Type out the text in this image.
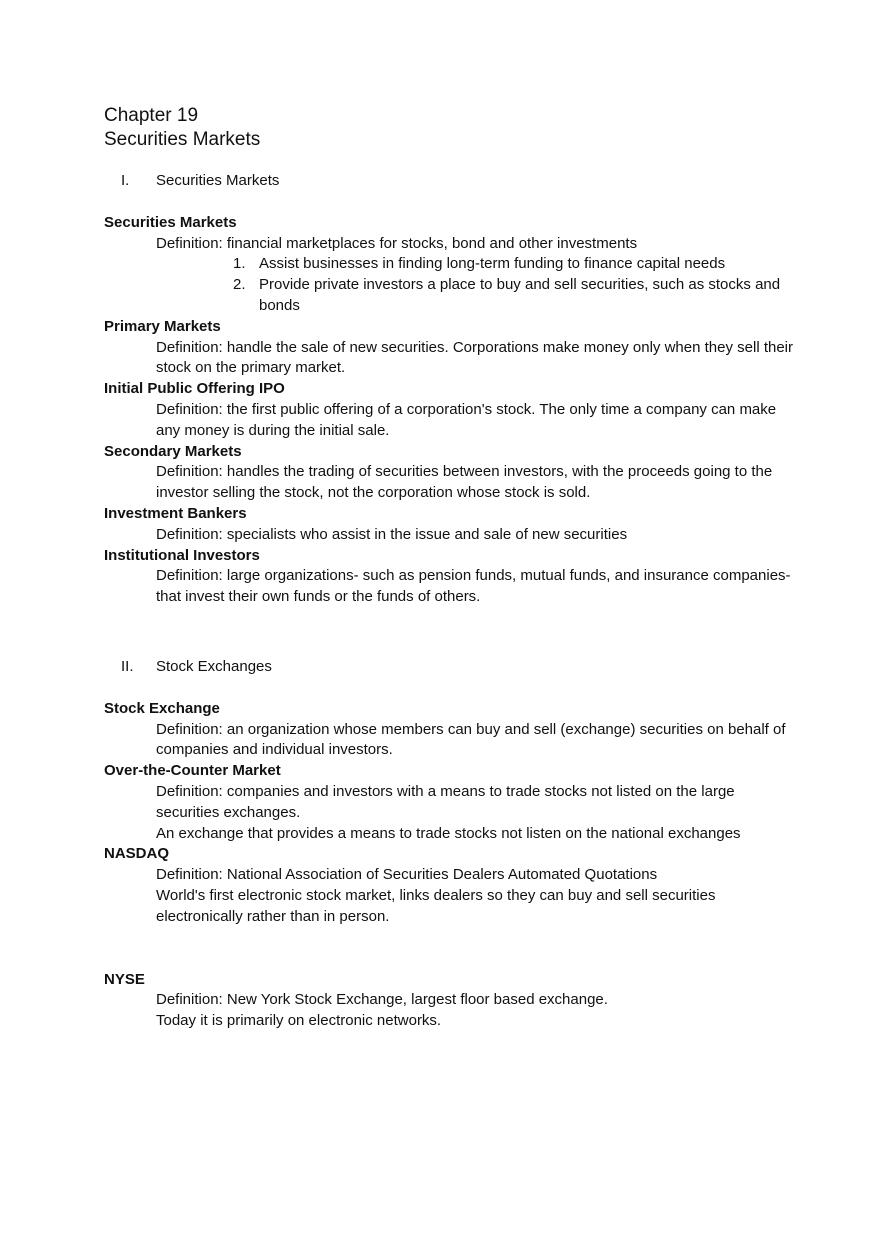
Chapter 19
Securities Markets

I. Securities Markets

Securities Markets

Definition: financial marketplaces for stocks, bond and other investments

1. Assist businesses in finding long-term funding to finance capital needs
2. Provide private investors a place to buy and sell securities, such as stocks and bonds

Primary Markets

Definition: handle the sale of new securities. Corporations make money only when they sell their stock on the primary market.

Initial Public Offering IPO

Definition: the first public offering of a corporation's stock. The only time a company can make any money is during the initial sale.

Secondary Markets

Definition: handles the trading of securities between investors, with the proceeds going to the investor selling the stock, not the corporation whose stock is sold.

Investment Bankers

Definition: specialists who assist in the issue and sale of new securities

Institutional Investors

Definition: large organizations- such as pension funds, mutual funds, and insurance companies- that invest their own funds or the funds of others.

II. Stock Exchanges

Stock Exchange

Definition: an organization whose members can buy and sell (exchange) securities on behalf of companies and individual investors.

Over-the-Counter Market

Definition: companies and investors with a means to trade stocks not listed on the large securities exchanges.

An exchange that provides a means to trade stocks not listen on the national exchanges

NASDAQ

Definition: National Association of Securities Dealers Automated Quotations

World's first electronic stock market, links dealers so they can buy and sell securities electronically rather than in person.

NYSE

Definition: New York Stock Exchange, largest floor based exchange.

Today it is primarily on electronic networks.
